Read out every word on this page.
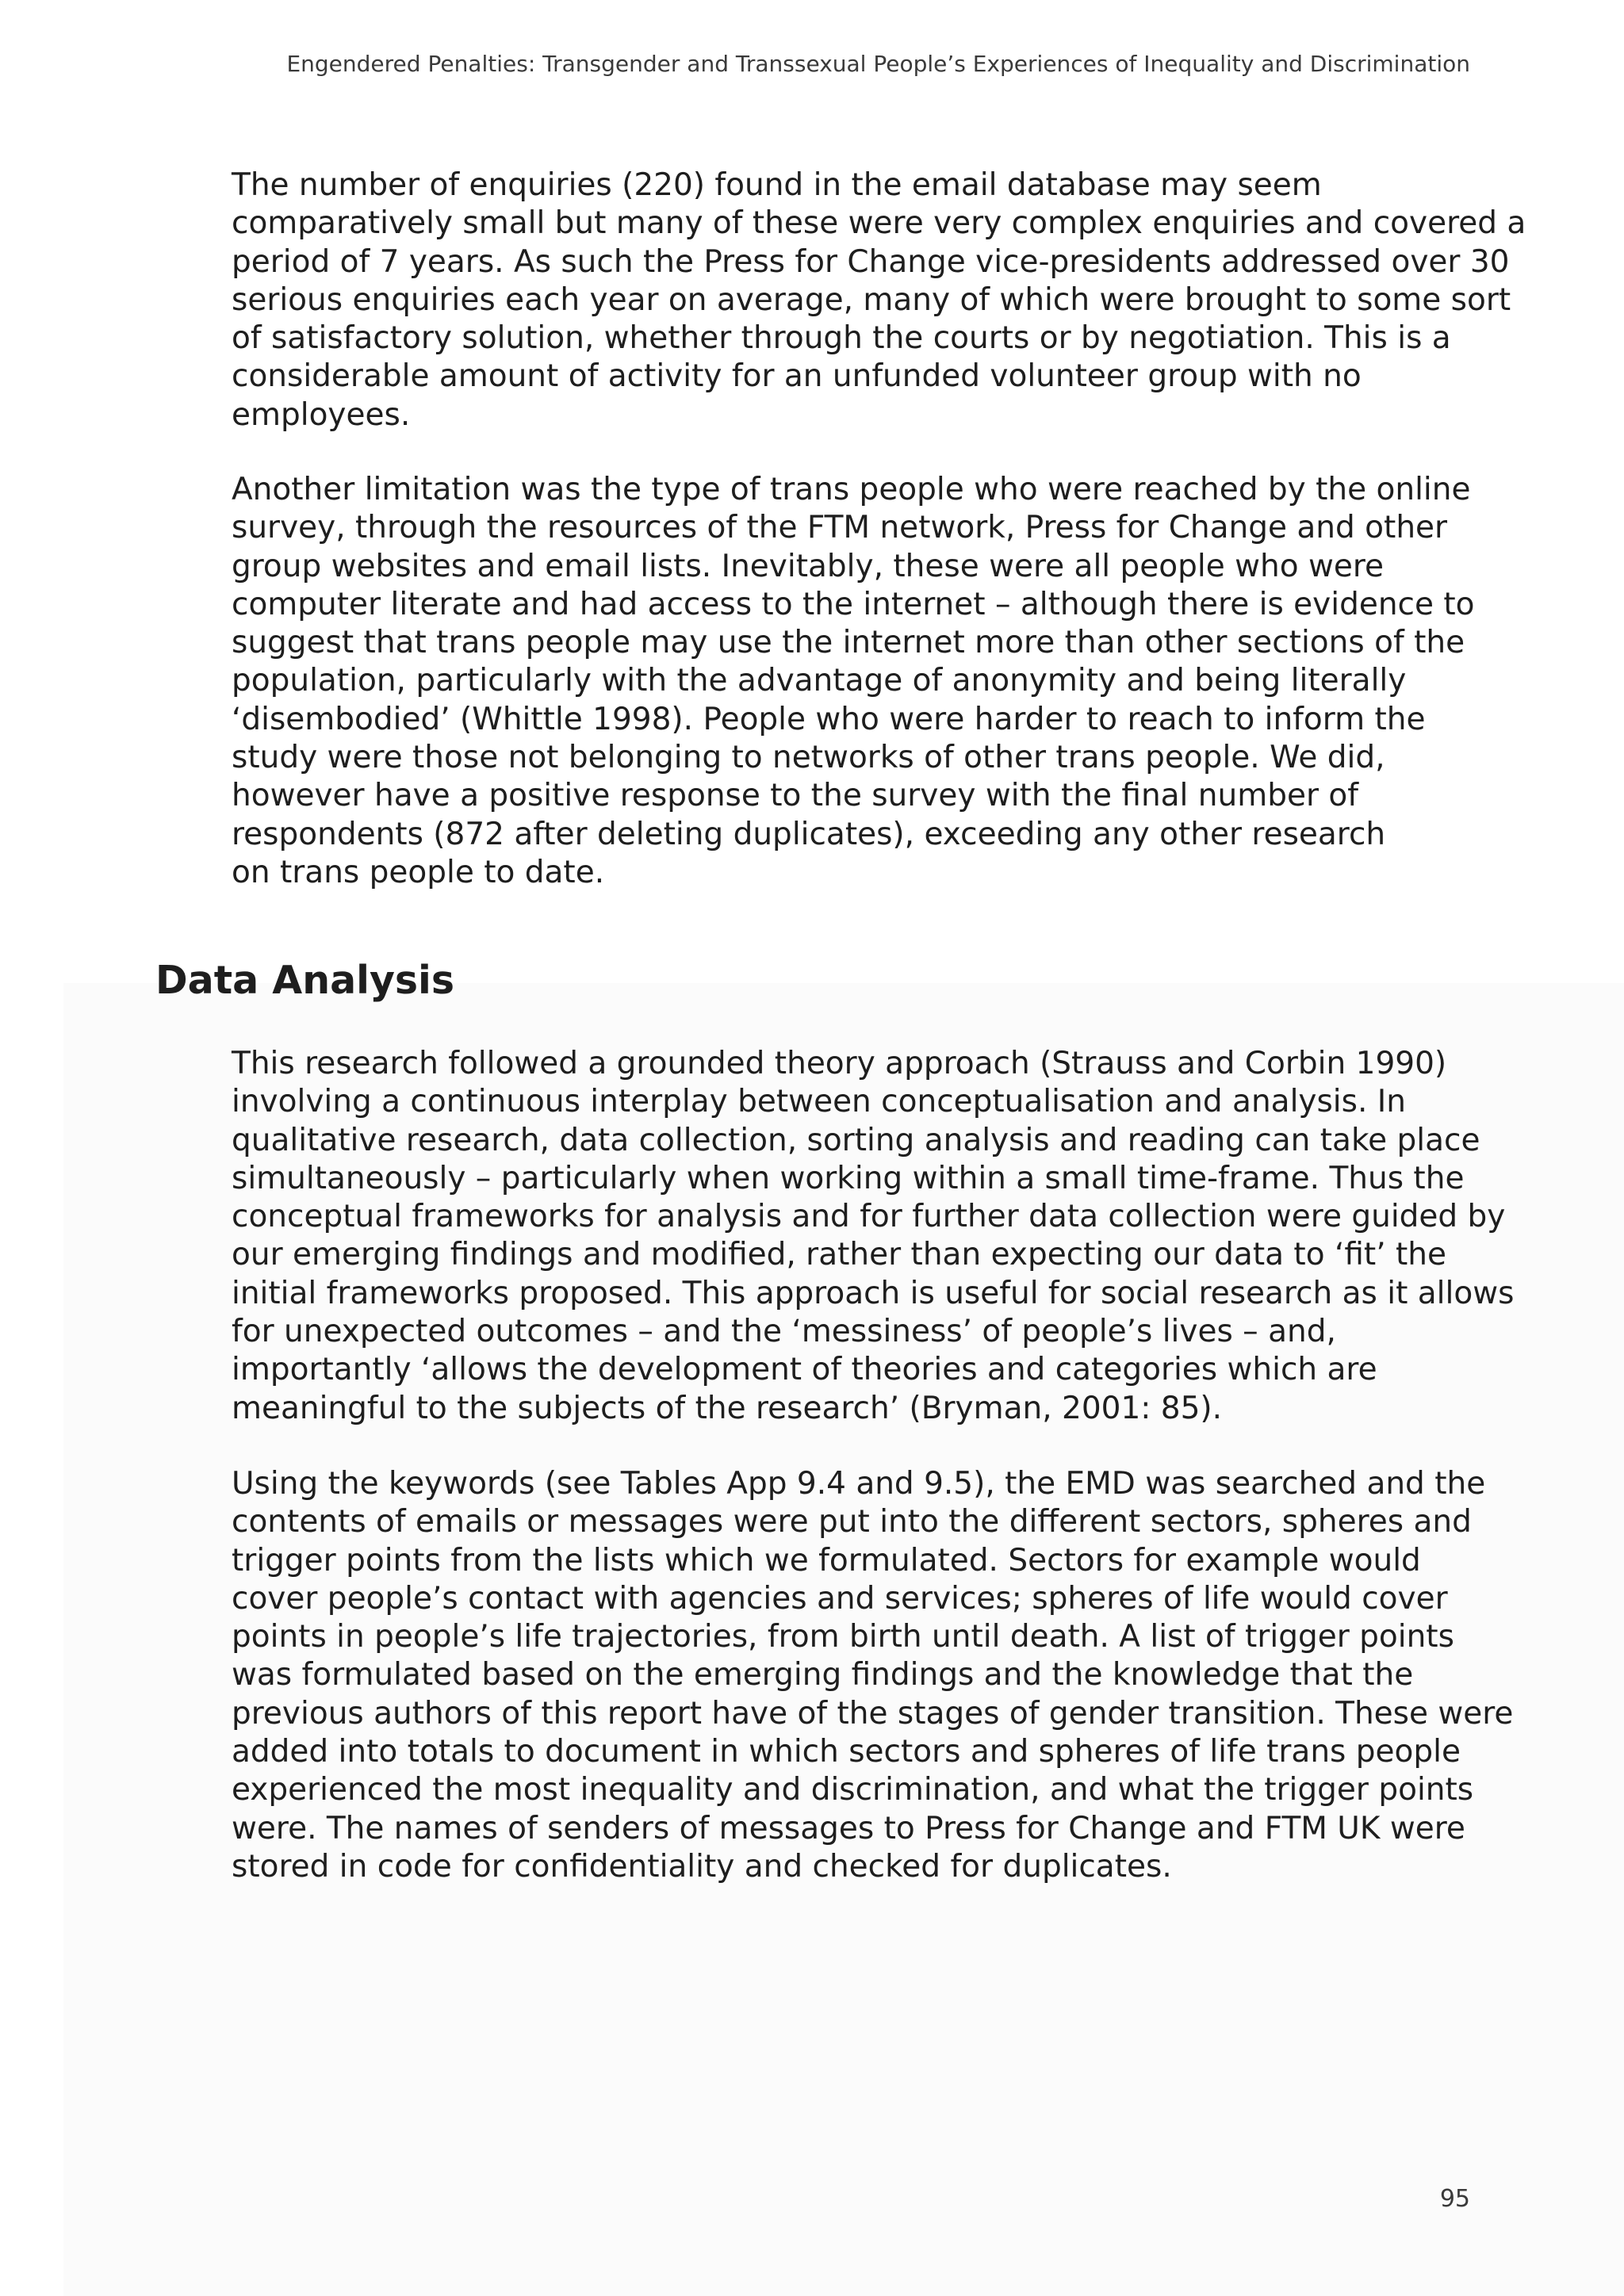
Engendered Penalties: Transgender and Transsexual People’s Experiences of Inequality and Discrimination

The number of enquiries (220) found in the email database may seem
comparatively small but many of these were very complex enquiries and covered a
period of 7 years. As such the Press for Change vice-presidents addressed over 30
serious enquiries each year on average, many of which were brought to some sort
of satisfactory solution, whether through the courts or by negotiation. This is a
considerable amount of activity for an unfunded volunteer group with no
employees.

Another limitation was the type of trans people who were reached by the online
survey, through the resources of the FTM network, Press for Change and other
group websites and email lists. Inevitably, these were all people who were
computer literate and had access to the internet – although there is evidence to
suggest that trans people may use the internet more than other sections of the
population, particularly with the advantage of anonymity and being literally
‘disembodied’ (Whittle 1998). People who were harder to reach to inform the
study were those not belonging to networks of other trans people. We did,
however have a positive response to the survey with the final number of
respondents (872 after deleting duplicates), exceeding any other research
on trans people to date.

Data Analysis

This research followed a grounded theory approach (Strauss and Corbin 1990)
involving a continuous interplay between conceptualisation and analysis. In
qualitative research, data collection, sorting analysis and reading can take place
simultaneously – particularly when working within a small time-frame. Thus the
conceptual frameworks for analysis and for further data collection were guided by
our emerging findings and modified, rather than expecting our data to ‘fit’ the
initial frameworks proposed. This approach is useful for social research as it allows
for unexpected outcomes – and the ‘messiness’ of people’s lives – and,
importantly ‘allows the development of theories and categories which are
meaningful to the subjects of the research’ (Bryman, 2001: 85).

Using the keywords (see Tables App 9.4 and 9.5), the EMD was searched and the
contents of emails or messages were put into the different sectors, spheres and
trigger points from the lists which we formulated. Sectors for example would
cover people’s contact with agencies and services; spheres of life would cover
points in people’s life trajectories, from birth until death. A list of trigger points
was formulated based on the emerging findings and the knowledge that the
previous authors of this report have of the stages of gender transition. These were
added into totals to document in which sectors and spheres of life trans people
experienced the most inequality and discrimination, and what the trigger points
were. The names of senders of messages to Press for Change and FTM UK were
stored in code for confidentiality and checked for duplicates.

95
